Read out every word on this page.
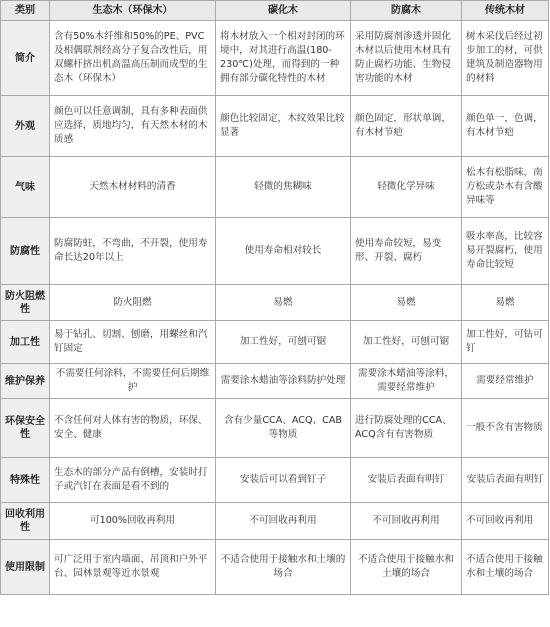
类别	生态木（环保木）	碳化木	防腐木	传统木材
简介	含有50%木纤维和50%的PE、PVC及相偶联剂经高分子复合改性后，用双螺杆挤出机高温高压制而成型的生态木（环保木）	将木材放入一个相对封闭的环境中，对其进行高温(180-230℃)处理，而得到的一种拥有部分碳化特性的木材	采用防腐剂渗透并固化木材以后使用木材具有防止腐朽功能、生物侵害功能的木材	树木采伐后经过初步加工的材，可供建筑及制造器物用的材料
外观	颜色可以任意调制，具有多种表面供应选择，质地均匀，有天然木材的木质感	颜色比较固定，木纹效果比较显著	颜色固定，形状单调，有木材节疤	颜色单一，色调，有木材节疤
气味	天然木材材料的清香	轻微的焦糊味	轻微化学异味	松木有松脂味，南方松或杂木有含酸异味等
防腐性	防腐防蛀，不弯曲，不开裂，使用寿命长达20年以上	使用寿命相对较长	使用寿命较短，易变形、开裂、腐朽	吸水率高，比较容易开裂腐朽，使用寿命比较短
防火阻燃性	防火阻燃	易燃	易燃	易燃
加工性	易于钻孔、切割、刨磨，用螺丝和汽钉固定	加工性好，可刨可锯	加工性好，可刨可锯	加工性好，可钻可钉
维护保养	不需要任何涂料，不需要任何后期维护	需要涂木蜡油等涂料防护处理	需要涂木蜡油等涂料，需要经常维护	需要经常维护
环保安全性	不含任何对人体有害的物质，环保、安全、健康	含有少量CCA、ACQ、CAB等物质	进行防腐处理的CCA、ACQ含有有害物质	一般不含有害物质
特殊性	生态木的部分产品有倒槽，安装时打子或汽钉在表面是看不到的	安装后可以看到钉子	安装后表面有明钉	安装后表面有明钉
回收利用性	可100%回收再利用	不可回收再利用	不可回收再利用	不可回收再利用
使用限制	可广泛用于室内墙面、吊顶和户外平台、园林景观等近水景观	不适合使用于接触水和土壤的场合	不适合使用于接触水和土壤的场合	不适合使用于接触水和土壤的场合
